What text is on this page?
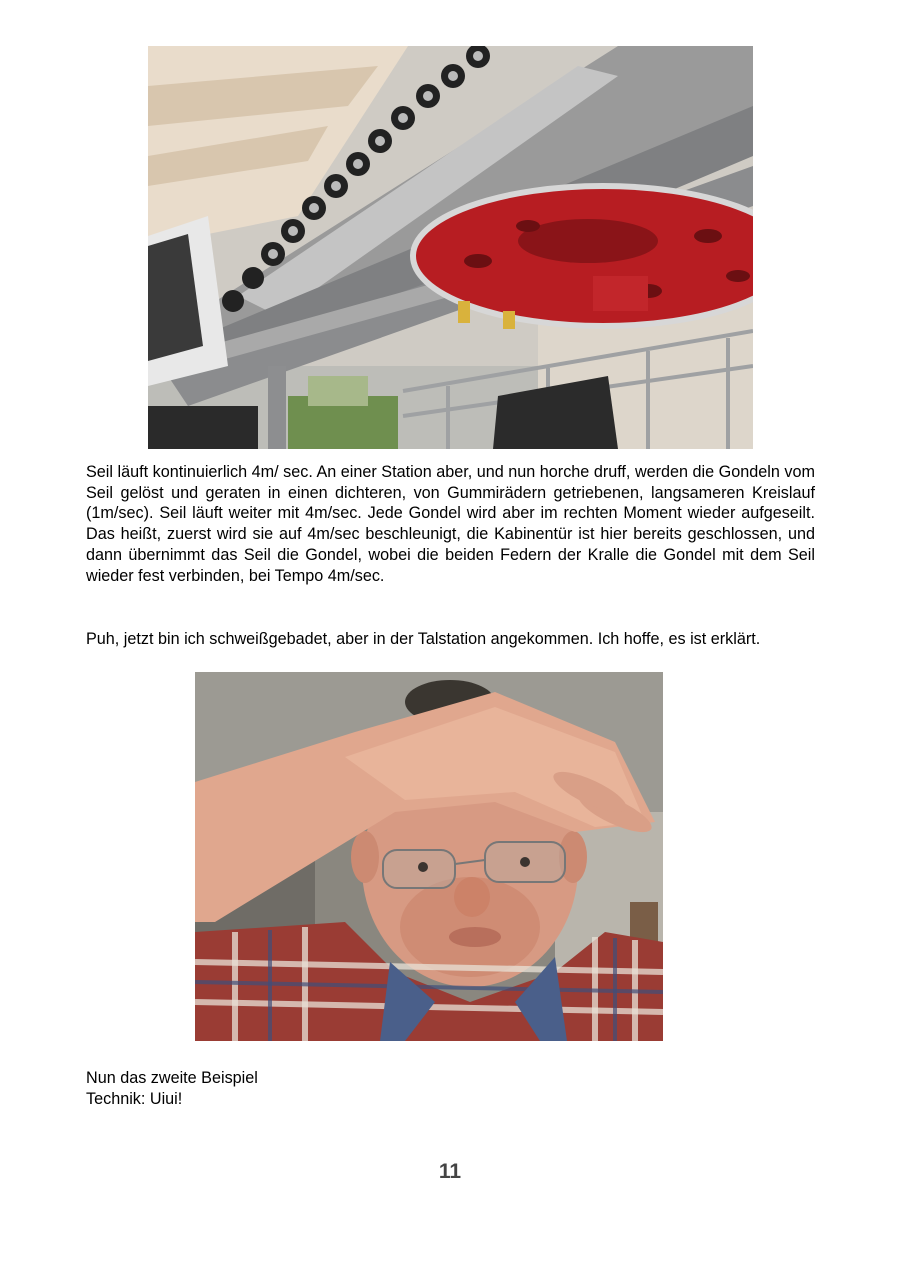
Seil läuft kontinuierlich 4m/ sec. An einer Station aber, und nun horche druff, werden die Gondeln vom Seil gelöst und geraten in einen dichteren, von Gummirädern getriebenen, langsameren Kreislauf (1m/sec). Seil läuft weiter mit 4m/sec. Jede Gondel wird aber im rechten Moment wieder aufgeseilt. Das heißt, zuerst wird sie auf 4m/sec beschleunigt, die Kabinentür ist hier bereits geschlossen, und dann übernimmt das Seil die Gondel, wobei die beiden Federn der Kralle die Gondel mit dem Seil wieder fest verbinden, bei Tempo 4m/sec.
Puh, jetzt bin ich schweißgebadet, aber in der Talstation angekommen. Ich hoffe, es ist erklärt.
Nun das zweite Beispiel
Technik: Uiui!
11
